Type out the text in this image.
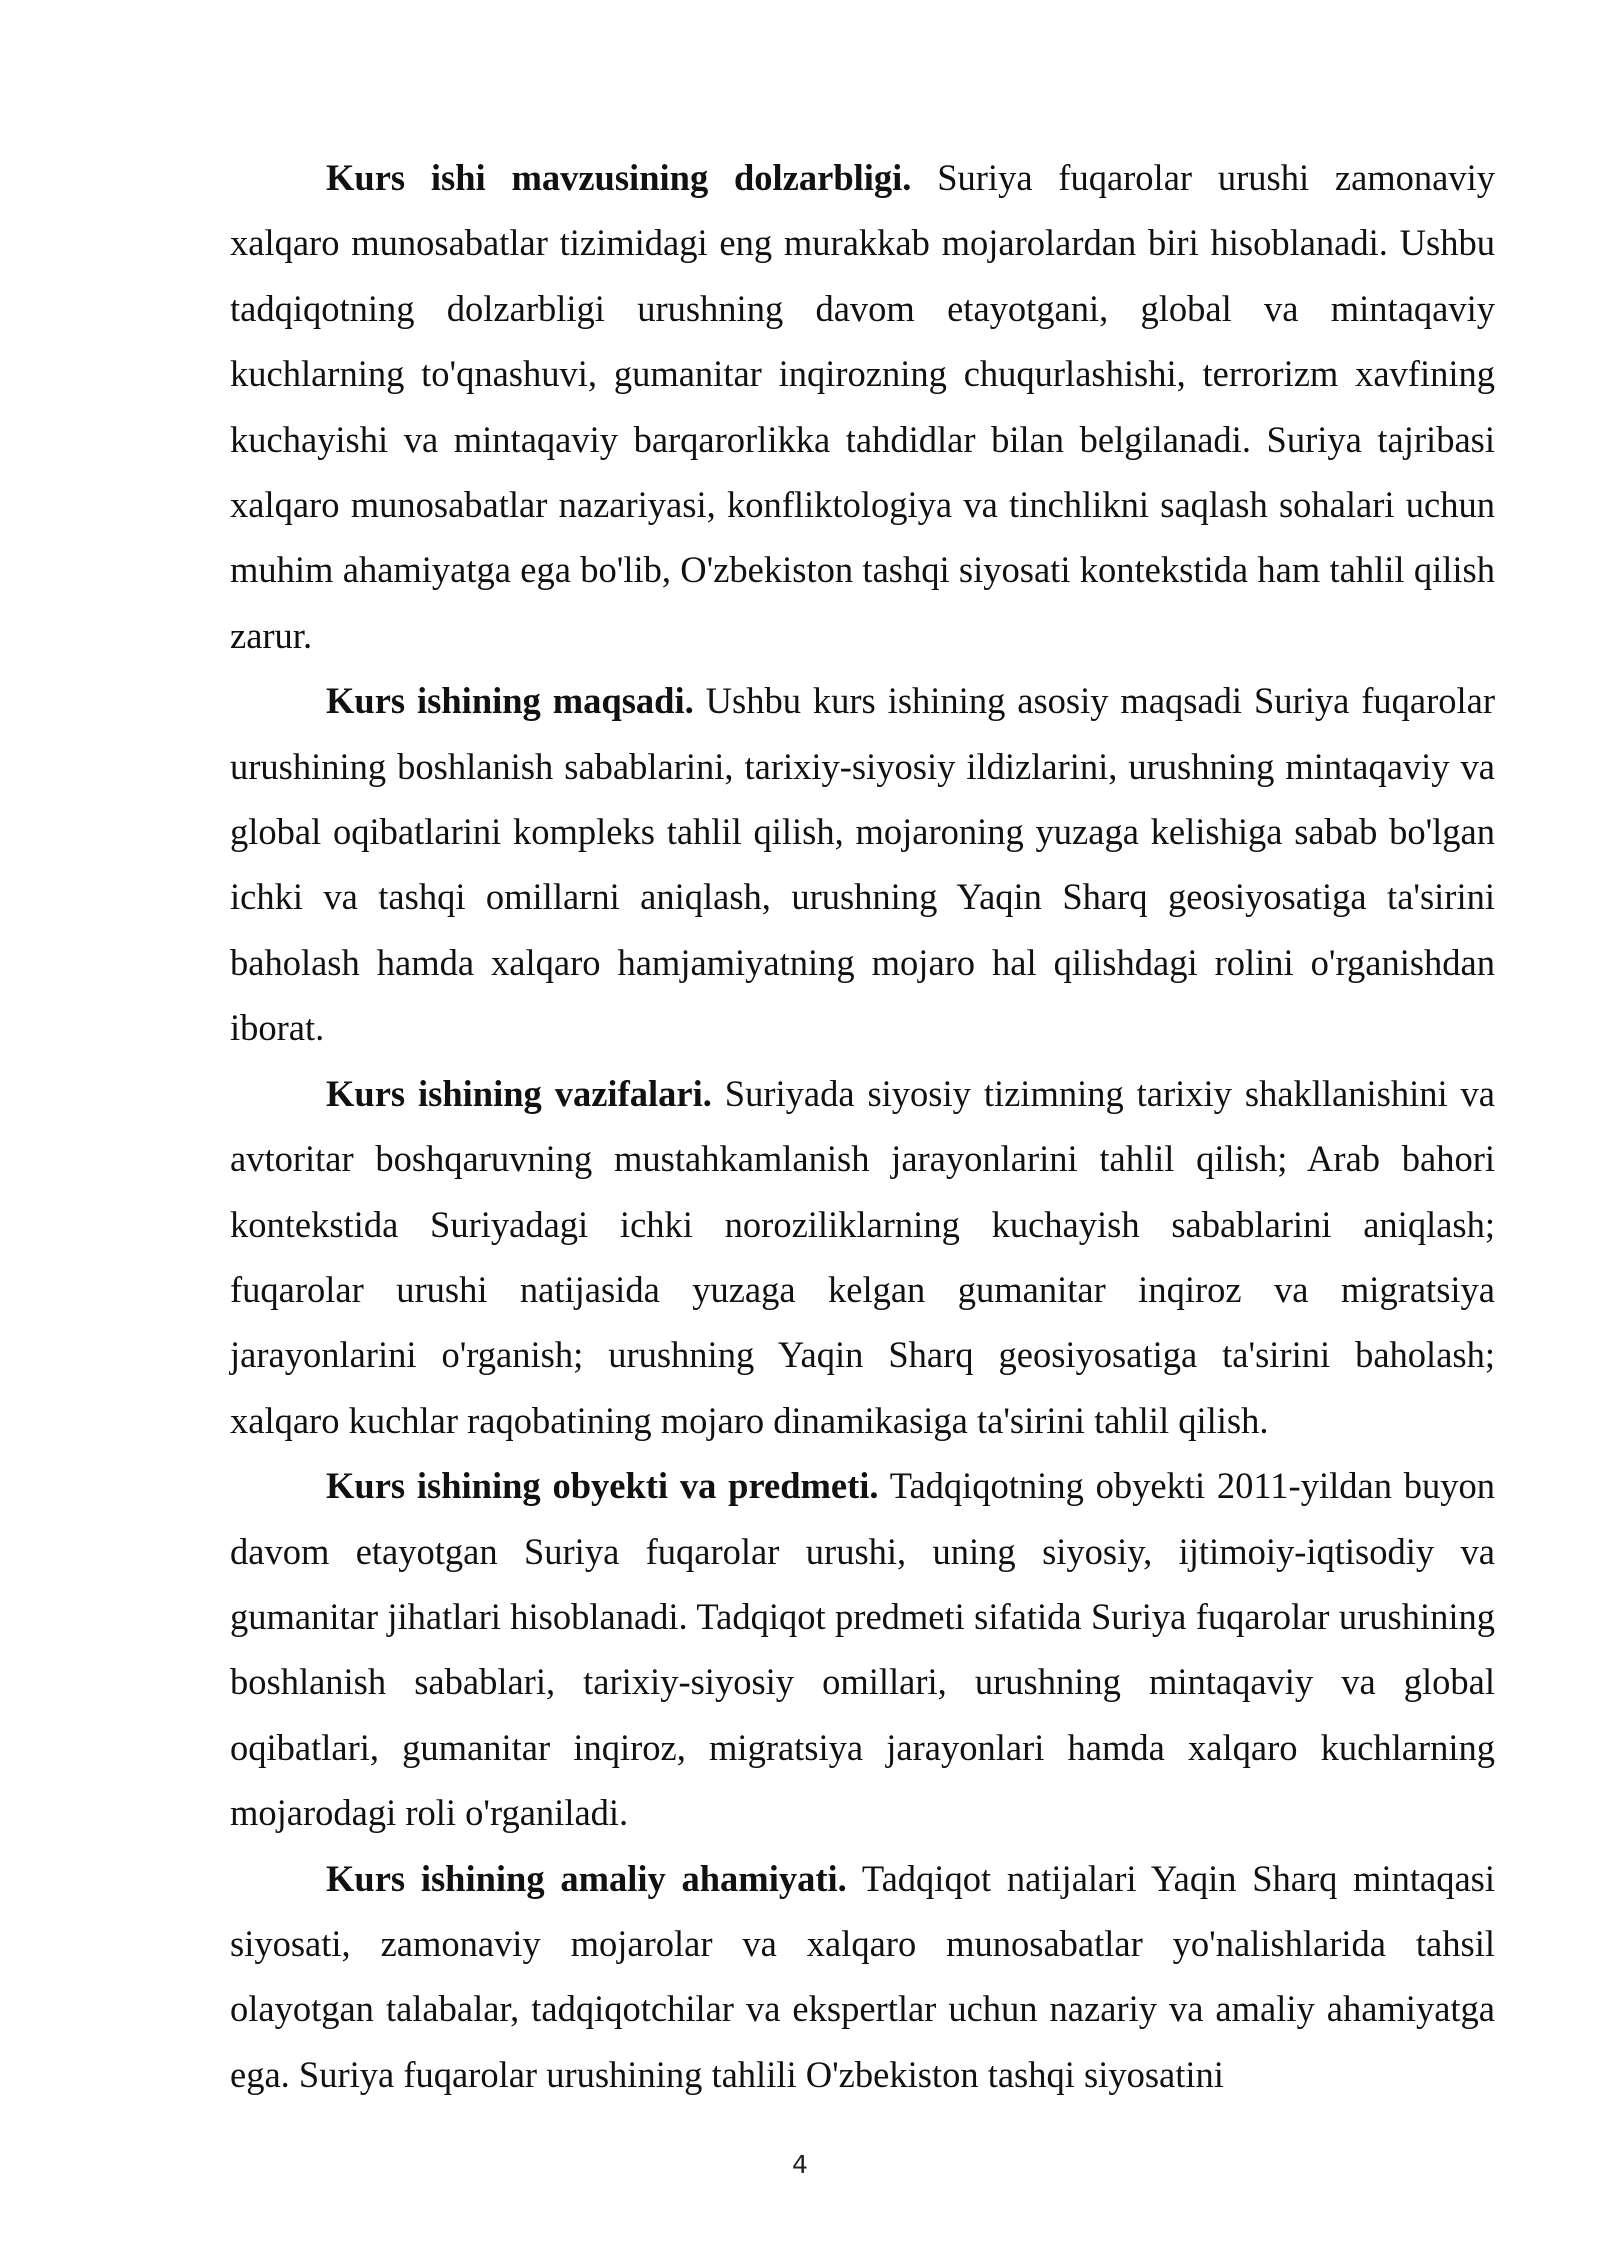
Kurs ishi mavzusining dolzarbligi. Suriya fuqarolar urushi zamonaviy xalqaro munosabatlar tizimidagi eng murakkab mojarolardan biri hisoblanadi. Ushbu tadqiqotning dolzarbligi urushning davom etayotgani, global va mintaqaviy kuchlarning to'qnashuvi, gumanitar inqirozning chuqurlashishi, terrorizm xavfining kuchayishi va mintaqaviy barqarorlikka tahdidlar bilan belgilanadi. Suriya tajribasi xalqaro munosabatlar nazariyasi, konfliktologiya va tinchlikni saqlash sohalari uchun muhim ahamiyatga ega bo'lib, O'zbekiston tashqi siyosati kontekstida ham tahlil qilish zarur.

Kurs ishining maqsadi. Ushbu kurs ishining asosiy maqsadi Suriya fuqarolar urushining boshlanish sabablarini, tarixiy-siyosiy ildizlarini, urushning mintaqaviy va global oqibatlarini kompleks tahlil qilish, mojaroning yuzaga kelishiga sabab bo'lgan ichki va tashqi omillarni aniqlash, urushning Yaqin Sharq geosiyosatiga ta'sirini baholash hamda xalqaro hamjamiyatning mojaro hal qilishdagi rolini o'rganishdan iborat.

Kurs ishining vazifalari. Suriyada siyosiy tizimning tarixiy shakllanishini va avtoritar boshqaruvning mustahkamlanish jarayonlarini tahlil qilish; Arab bahori kontekstida Suriyadagi ichki noroziliklarning kuchayish sabablarini aniqlash; fuqarolar urushi natijasida yuzaga kelgan gumanitar inqiroz va migratsiya jarayonlarini o'rganish; urushning Yaqin Sharq geosiyosatiga ta'sirini baholash; xalqaro kuchlar raqobatining mojaro dinamikasiga ta'sirini tahlil qilish.

Kurs ishining obyekti va predmeti. Tadqiqotning obyekti 2011-yildan buyon davom etayotgan Suriya fuqarolar urushi, uning siyosiy, ijtimoiy-iqtisodiy va gumanitar jihatlari hisoblanadi. Tadqiqot predmeti sifatida Suriya fuqarolar urushining boshlanish sabablari, tarixiy-siyosiy omillari, urushning mintaqaviy va global oqibatlari, gumanitar inqiroz, migratsiya jarayonlari hamda xalqaro kuchlarning mojarodagi roli o'rganiladi.

Kurs ishining amaliy ahamiyati. Tadqiqot natijalari Yaqin Sharq mintaqasi siyosati, zamonaviy mojarolar va xalqaro munosabatlar yo'nalishlarida tahsil olayotgan talabalar, tadqiqotchilar va ekspertlar uchun nazariy va amaliy ahamiyatga ega. Suriya fuqarolar urushining tahlili O'zbekiston tashqi siyosatini

4
